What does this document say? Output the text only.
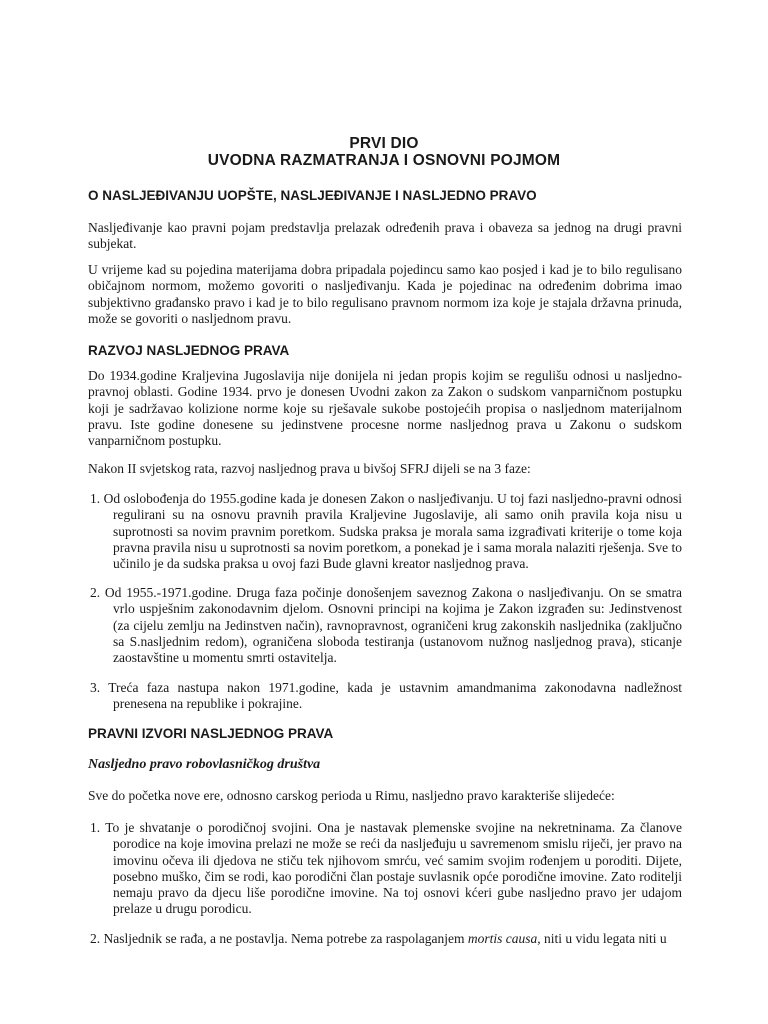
PRVI DIO
UVODNA RAZMATRANJA I OSNOVNI POJMOM
O NASLJEĐIVANJU UOPŠTE, NASLJEĐIVANJE I NASLJEDNO PRAVO

Nasljeđivanje kao pravni pojam predstavlja prelazak određenih prava i obaveza sa jednog na drugi pravni subjekat.

U vrijeme kad su pojedina materijama dobra pripadala pojedincu samo kao posjed i kad je to bilo regulisano običajnom normom, možemo govoriti o nasljeđivanju. Kada je pojedinac na određenim dobrima imao subjektivno građansko pravo i kad je to bilo regulisano pravnom normom iza koje je stajala državna prinuda, može se govoriti o nasljednom pravu.

RAZVOJ NASLJEDNOG PRAVA

Do 1934.godine Kraljevina Jugoslavija nije donijela ni jedan propis kojim se regulišu odnosi u nasljedno-pravnoj oblasti. Godine 1934. prvo je donesen Uvodni zakon za Zakon o sudskom vanparničnom postupku koji je sadržavao kolizione norme koje su rješavale sukobe postojećih propisa o nasljednom materijalnom pravu. Iste godine donesene su jedinstvene procesne norme nasljednog prava u Zakonu o sudskom vanparničnom postupku.

Nakon II svjetskog rata, razvoj nasljednog prava u bivšoj SFRJ dijeli se na 3 faze:

1. Od oslobođenja do 1955.godine kada je donesen Zakon o nasljeđivanju. U toj fazi nasljedno-pravni odnosi regulirani su na osnovu pravnih pravila Kraljevine Jugoslavije, ali samo onih pravila koja nisu u suprotnosti sa novim pravnim poretkom. Sudska praksa je morala sama izgrađivati kriterije o tome koja pravna pravila nisu u suprotnosti sa novim poretkom, a ponekad je i sama morala nalaziti rješenja. Sve to učinilo je da sudska praksa u ovoj fazi Bude glavni kreator nasljednog prava.

2. Od 1955.-1971.godine. Druga faza počinje donošenjem saveznog Zakona o nasljeđivanju. On se smatra vrlo uspješnim zakonodavnim djelom. Osnovni principi na kojima je Zakon izgrađen su: Jedinstvenost (za cijelu zemlju na Jedinstven način), ravnopravnost, ograničeni krug zakonskih nasljednika (zaključno sa S.nasljednim redom), ograničena sloboda testiranja (ustanovom nužnog nasljednog prava), sticanje zaostavštine u momentu smrti ostavitelja.

3. Treća faza nastupa nakon 1971.godine, kada je ustavnim amandmanima zakonodavna nadležnost prenesena na republike i pokrajine.

PRAVNI IZVORI NASLJEDNOG PRAVA
Nasljedno pravo robovlasničkog društva

Sve do početka nove ere, odnosno carskog perioda u Rimu, nasljedno pravo karakteriše slijedeće:

1. To je shvatanje o porodičnoj svojini. Ona je nastavak plemenske svojine na nekretninama. Za članove porodice na koje imovina prelazi ne može se reći da nasljeđuju u savremenom smislu riječi, jer pravo na imovinu očeva ili djedova ne stiču tek njihovom smrću, već samim svojim rođenjem u poroditi. Dijete, posebno muško, čim se rodi, kao porodični član postaje suvlasnik opće porodične imovine. Zato roditelji nemaju pravo da djecu liše porodične imovine. Na toj osnovi kćeri gube nasljedno pravo jer udajom prelaze u drugu porodicu.

2. Nasljednik se rađa, a ne postavlja. Nema potrebe za raspolaganjem mortis causa, niti u vidu legata niti u
